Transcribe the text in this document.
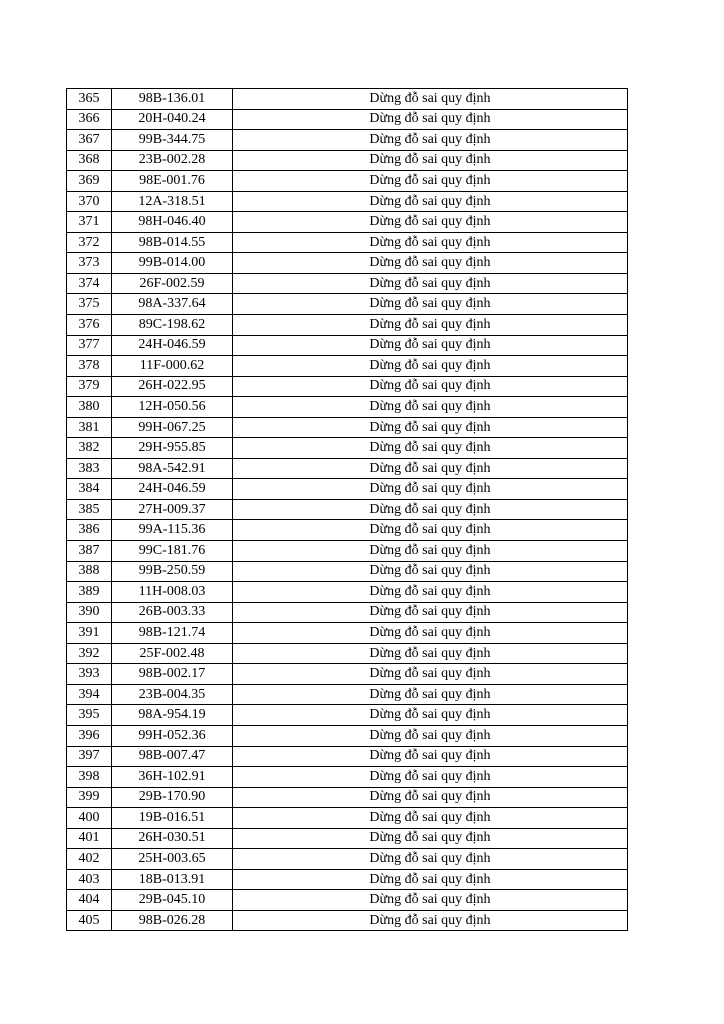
365	98B-136.01	Dừng đỗ sai quy định
366	20H-040.24	Dừng đỗ sai quy định
367	99B-344.75	Dừng đỗ sai quy định
368	23B-002.28	Dừng đỗ sai quy định
369	98E-001.76	Dừng đỗ sai quy định
370	12A-318.51	Dừng đỗ sai quy định
371	98H-046.40	Dừng đỗ sai quy định
372	98B-014.55	Dừng đỗ sai quy định
373	99B-014.00	Dừng đỗ sai quy định
374	26F-002.59	Dừng đỗ sai quy định
375	98A-337.64	Dừng đỗ sai quy định
376	89C-198.62	Dừng đỗ sai quy định
377	24H-046.59	Dừng đỗ sai quy định
378	11F-000.62	Dừng đỗ sai quy định
379	26H-022.95	Dừng đỗ sai quy định
380	12H-050.56	Dừng đỗ sai quy định
381	99H-067.25	Dừng đỗ sai quy định
382	29H-955.85	Dừng đỗ sai quy định
383	98A-542.91	Dừng đỗ sai quy định
384	24H-046.59	Dừng đỗ sai quy định
385	27H-009.37	Dừng đỗ sai quy định
386	99A-115.36	Dừng đỗ sai quy định
387	99C-181.76	Dừng đỗ sai quy định
388	99B-250.59	Dừng đỗ sai quy định
389	11H-008.03	Dừng đỗ sai quy định
390	26B-003.33	Dừng đỗ sai quy định
391	98B-121.74	Dừng đỗ sai quy định
392	25F-002.48	Dừng đỗ sai quy định
393	98B-002.17	Dừng đỗ sai quy định
394	23B-004.35	Dừng đỗ sai quy định
395	98A-954.19	Dừng đỗ sai quy định
396	99H-052.36	Dừng đỗ sai quy định
397	98B-007.47	Dừng đỗ sai quy định
398	36H-102.91	Dừng đỗ sai quy định
399	29B-170.90	Dừng đỗ sai quy định
400	19B-016.51	Dừng đỗ sai quy định
401	26H-030.51	Dừng đỗ sai quy định
402	25H-003.65	Dừng đỗ sai quy định
403	18B-013.91	Dừng đỗ sai quy định
404	29B-045.10	Dừng đỗ sai quy định
405	98B-026.28	Dừng đỗ sai quy định
